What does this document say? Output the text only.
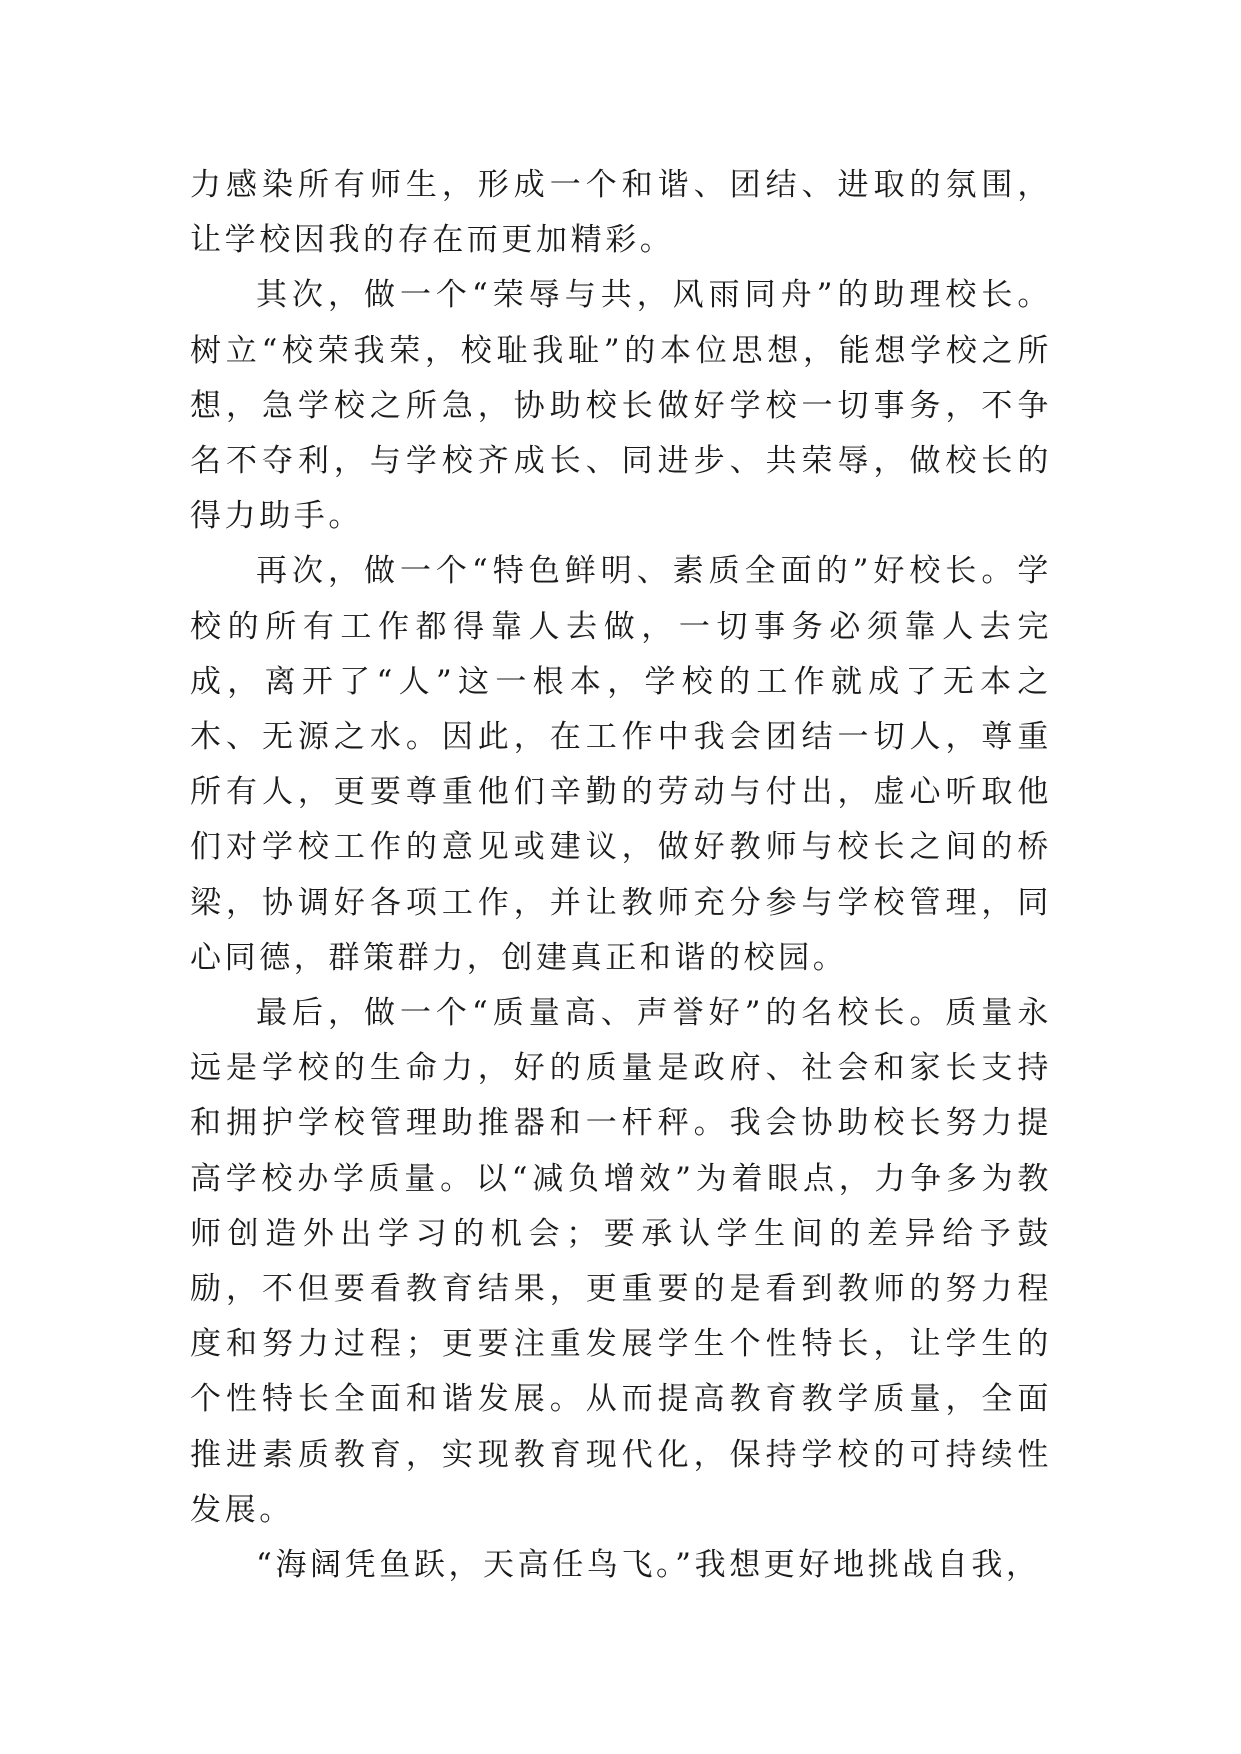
力感染所有师生，形成一个和谐、团结、进取的氛围，让学校因我的存在而更加精彩。

其次，做一个“荣辱与共，风雨同舟”的助理校长。树立“校荣我荣，校耻我耻”的本位思想，能想学校之所想，急学校之所急，协助校长做好学校一切事务，不争名不夺利，与学校齐成长、同进步、共荣辱，做校长的得力助手。

再次，做一个“特色鲜明、素质全面的”好校长。学校的所有工作都得靠人去做，一切事务必须靠人去完成，离开了“人”这一根本，学校的工作就成了无本之木、无源之水。因此，在工作中我会团结一切人，尊重所有人，更要尊重他们辛勤的劳动与付出，虚心听取他们对学校工作的意见或建议，做好教师与校长之间的桥梁，协调好各项工作，并让教师充分参与学校管理，同心同德，群策群力，创建真正和谐的校园。

最后，做一个“质量高、声誉好”的名校长。质量永远是学校的生命力，好的质量是政府、社会和家长支持和拥护学校管理助推器和一杆秤。我会协助校长努力提高学校办学质量。以“减负增效”为着眼点，力争多为教师创造外出学习的机会；要承认学生间的差异给予鼓励，不但要看教育结果，更重要的是看到教师的努力程度和努力过程；更要注重发展学生个性特长，让学生的个性特长全面和谐发展。从而提高教育教学质量，全面推进素质教育，实现教育现代化，保持学校的可持续性发展。

“海阔凭鱼跃，天高任鸟飞。”我想更好地挑战自我，
